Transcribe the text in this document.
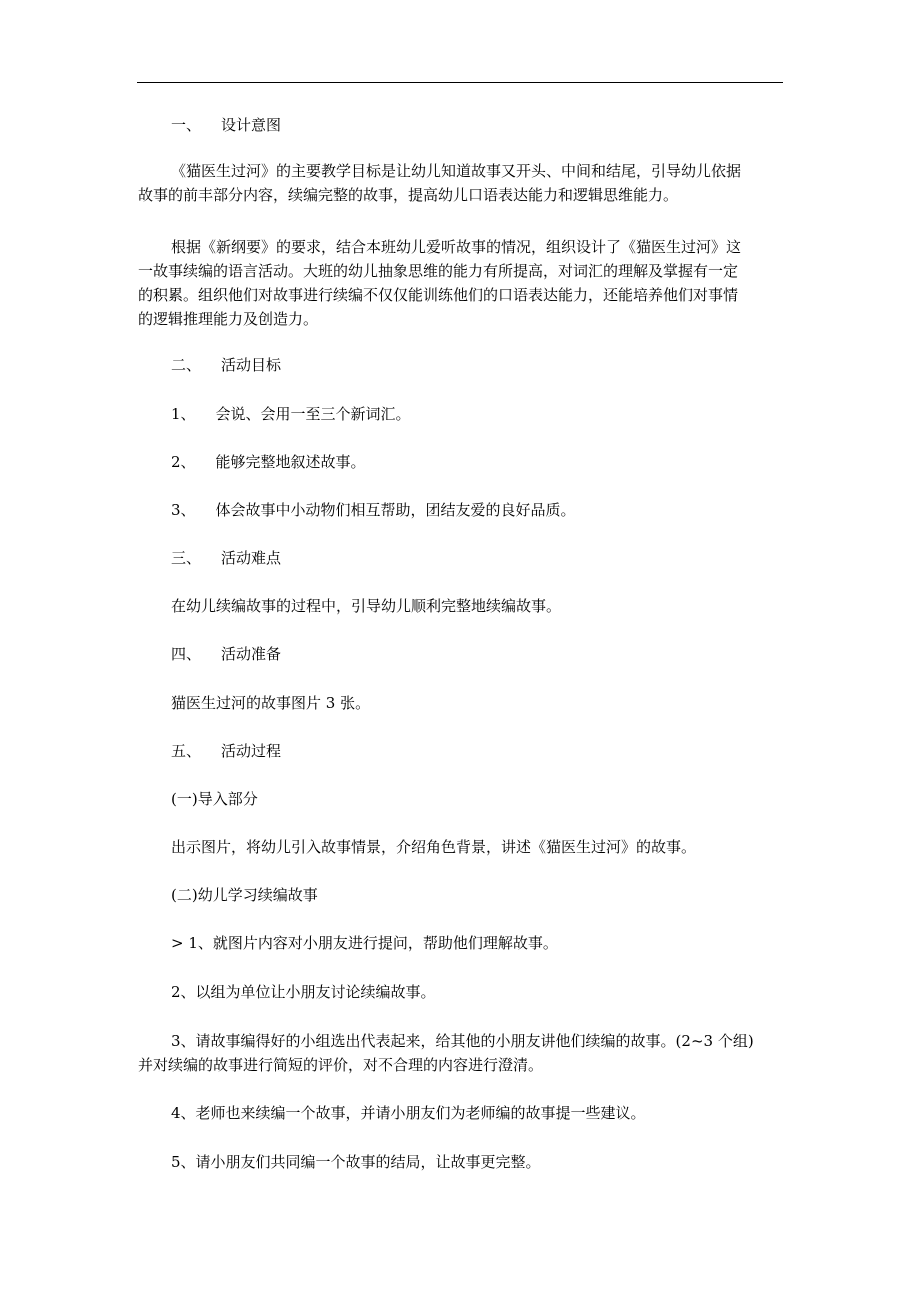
一、 设计意图
《猫医生过河》的主要教学目标是让幼儿知道故事又开头、中间和结尾，引导幼儿依据
故事的前丰部分内容，续编完整的故事，提高幼儿口语表达能力和逻辑思维能力。
根据《新纲要》的要求，结合本班幼儿爱听故事的情况，组织设计了《猫医生过河》这
一故事续编的语言活动。大班的幼儿抽象思维的能力有所提高，对词汇的理解及掌握有一定
的积累。组织他们对故事进行续编不仅仅能训练他们的口语表达能力，还能培养他们对事情
的逻辑推理能力及创造力。
二、 活动目标
1、 会说、会用一至三个新词汇。
2、 能够完整地叙述故事。
3、 体会故事中小动物们相互帮助，团结友爱的良好品质。
三、 活动难点
在幼儿续编故事的过程中，引导幼儿顺利完整地续编故事。
四、 活动准备
猫医生过河的故事图片 3 张。
五、 活动过程
(一)导入部分
出示图片，将幼儿引入故事情景，介绍角色背景，讲述《猫医生过河》的故事。
(二)幼儿学习续编故事
> 1、就图片内容对小朋友进行提问，帮助他们理解故事。
2、以组为单位让小朋友讨论续编故事。
3、请故事编得好的小组选出代表起来，给其他的小朋友讲他们续编的故事。(2~3 个组)
并对续编的故事进行简短的评价，对不合理的内容进行澄清。
4、老师也来续编一个故事，并请小朋友们为老师编的故事提一些建议。
5、请小朋友们共同编一个故事的结局，让故事更完整。
